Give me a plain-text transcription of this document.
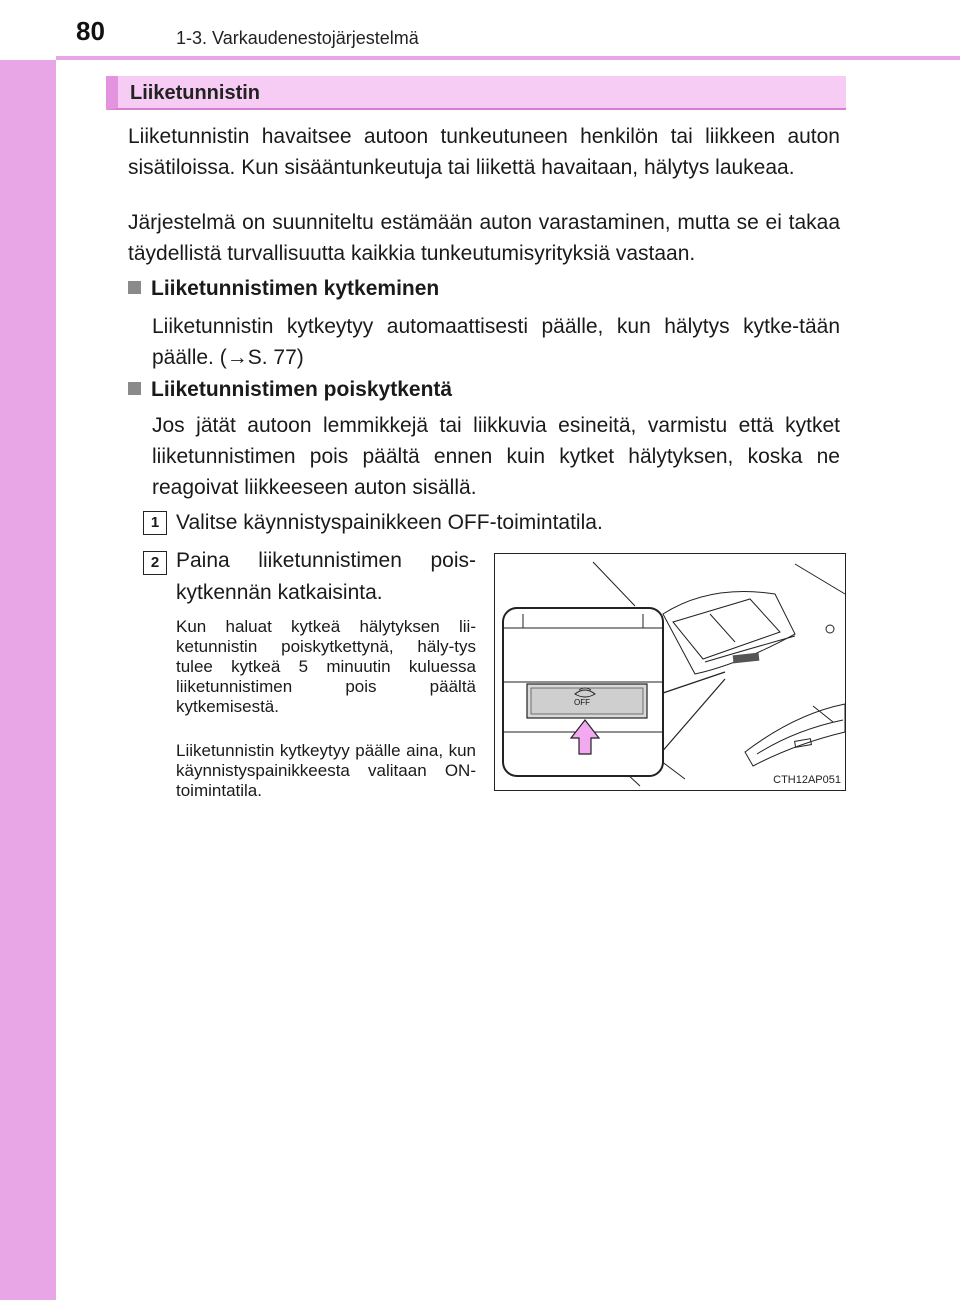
80	1-3. Varkaudenestojärjestelmä
Liiketunnistin
Liiketunnistin havaitsee autoon tunkeutuneen henkilön tai liikkeen auton sisätiloissa. Kun sisääntunkeutuja tai liikettä havaitaan, hälytys laukeaa.
Järjestelmä on suunniteltu estämään auton varastaminen, mutta se ei takaa täydellistä turvallisuutta kaikkia tunkeutumisyrityksiä vastaan.
Liiketunnistimen kytkeminen
Liiketunnistin kytkeytyy automaattisesti päälle, kun hälytys kytke-tään päälle. (→S. 77)
Liiketunnistimen poiskytkentä
Jos jätät autoon lemmikkejä tai liikkuvia esineitä, varmistu että kytket liiketunnistimen pois päältä ennen kuin kytket hälytyksen, koska ne reagoivat liikkeeseen auton sisällä.
1 Valitse käynnistyspainikkeen OFF-toimintatila.
2 Paina liiketunnistimen pois-kytkennän katkaisinta.
Kun haluat kytkeä hälytyksen lii-ketunnistin poiskytkettynä, häly-tys tulee kytkeä 5 minuutin kuluessa liiketunnistimen pois päältä kytkemisestä.
Liiketunnistin kytkeytyy päälle aina, kun käynnistyspainikkeesta valitaan ON-toimintatila.
OFF
CTH12AP051
